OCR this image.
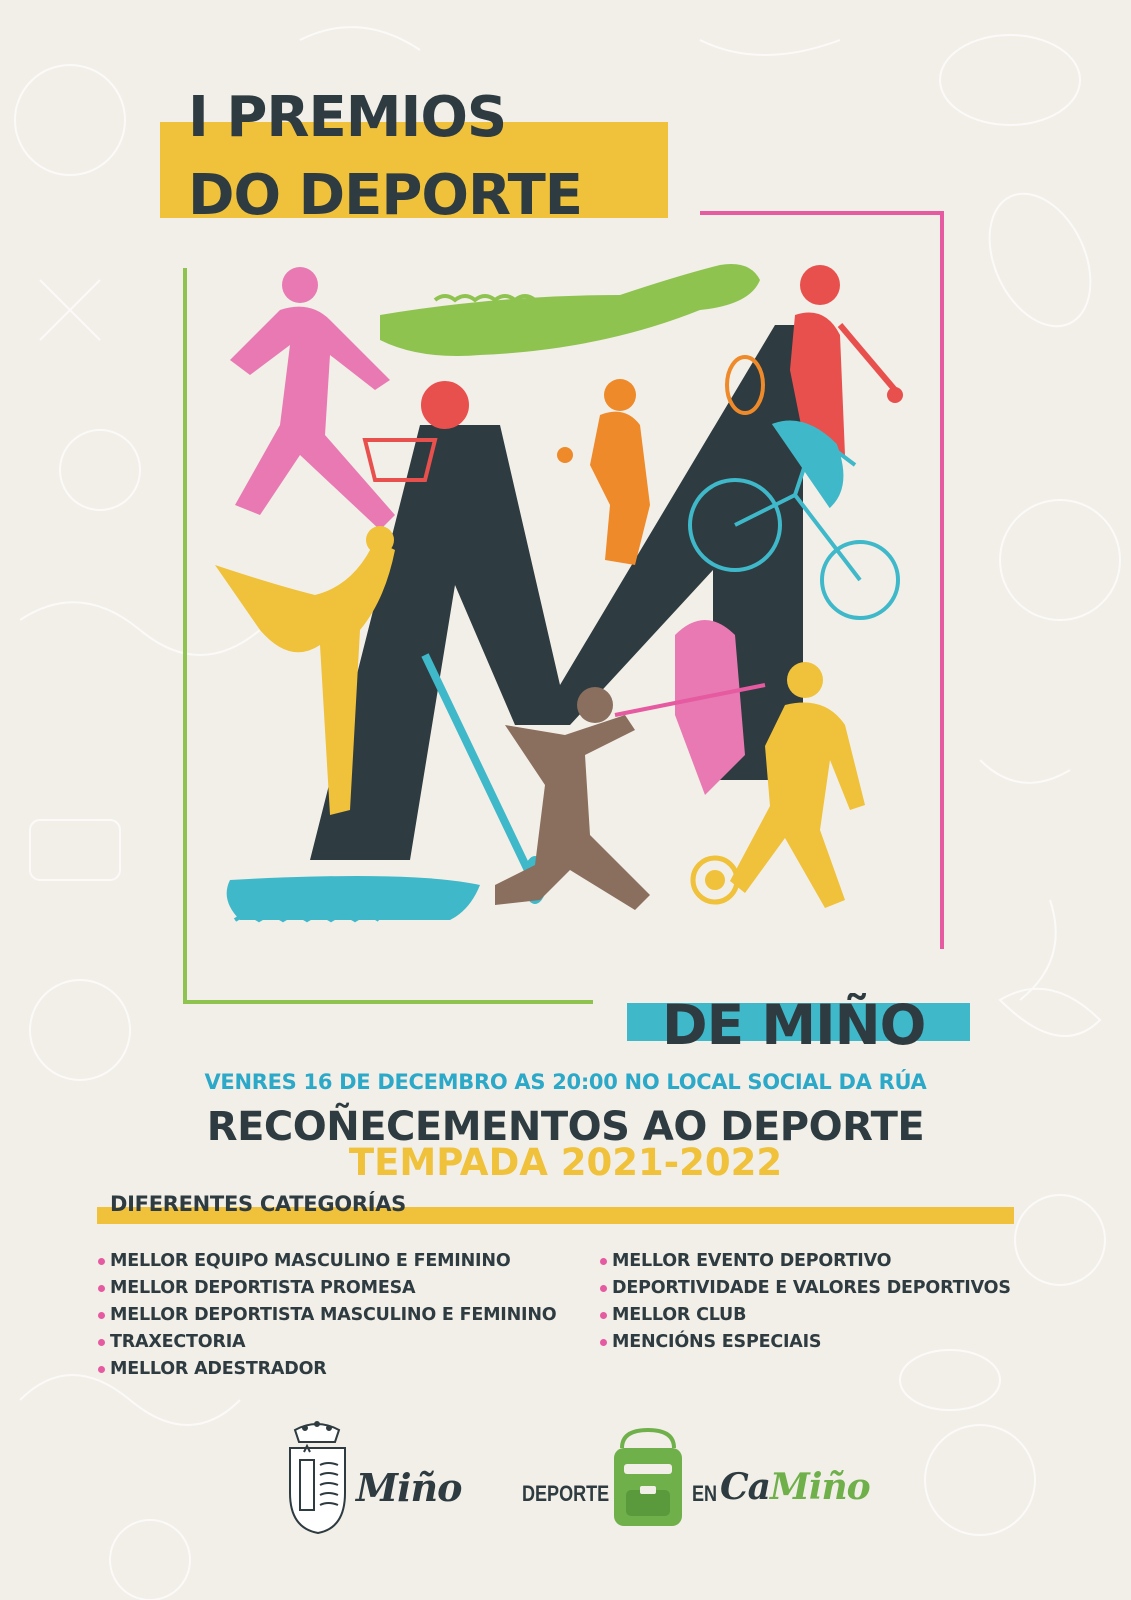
I PREMIOS
DO DEPORTE
DE MIÑO
VENRES 16 DE DECEMBRO AS 20:00 NO LOCAL SOCIAL DA RÚA
RECOÑECEMENTOS AO DEPORTE
TEMPADA 2021-2022
DIFERENTES CATEGORÍAS
MELLOR EQUIPO MASCULINO E FEMININO
MELLOR DEPORTISTA PROMESA
MELLOR DEPORTISTA MASCULINO E FEMININO
TRAXECTORIA
MELLOR ADESTRADOR
MELLOR EVENTO DEPORTIVO
DEPORTIVIDADE E VALORES DEPORTIVOS
MELLOR CLUB
MENCIÓNS ESPECIAIS
Miño	DEPORTE	EN CaMiño
